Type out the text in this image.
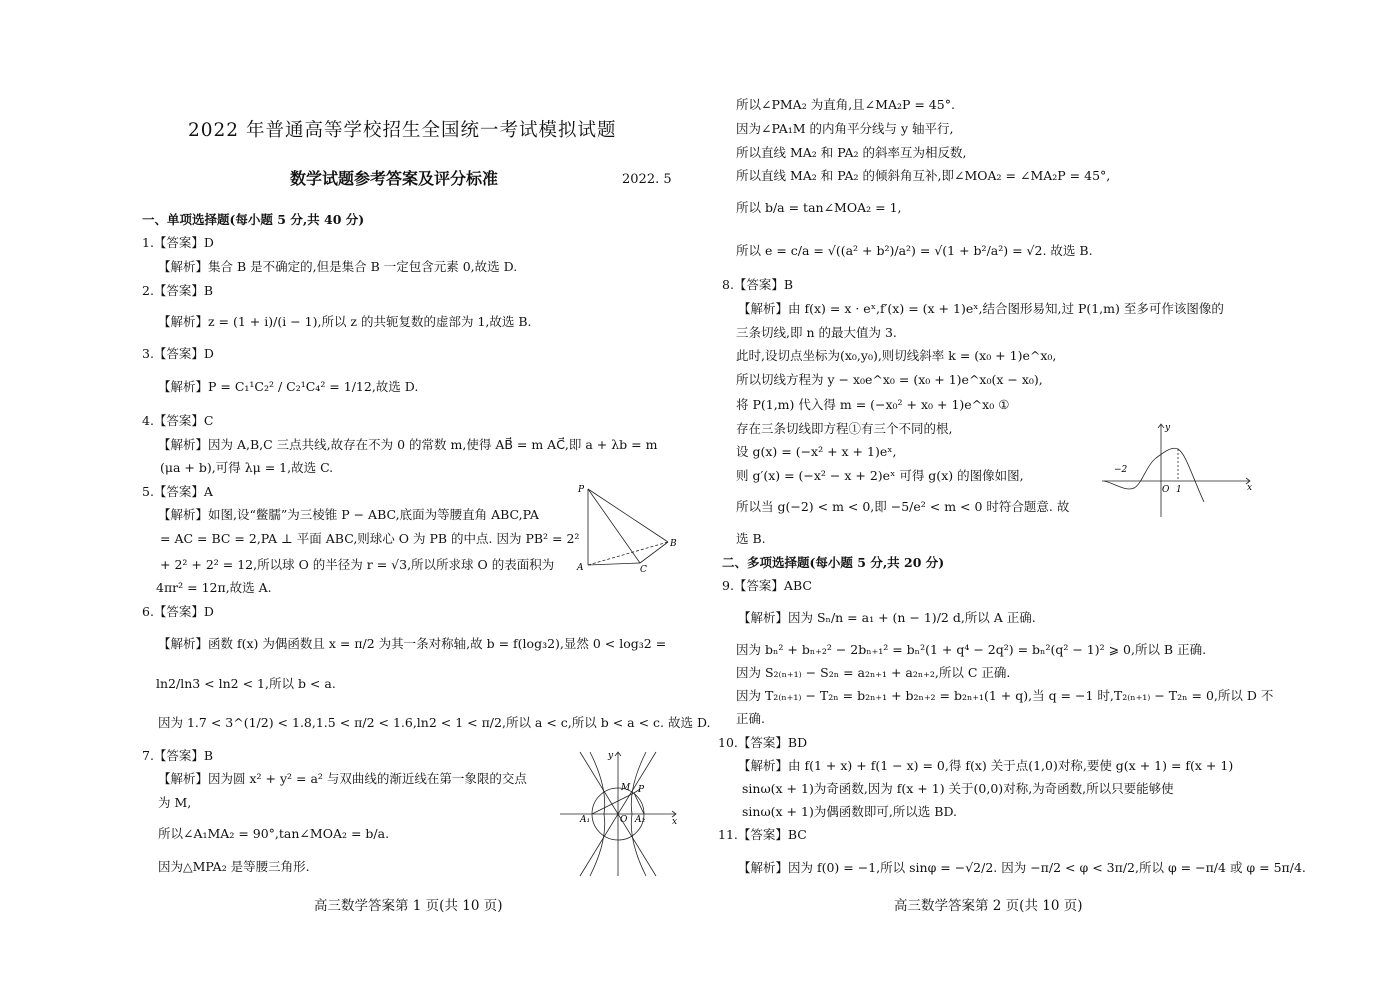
2022 年普通高等学校招生全国统一考试模拟试题
数学试题参考答案及评分标准	2022. 5
一、单项选择题(每小题 5 分,共 40 分)
1.【答案】D
【解析】集合 B 是不确定的,但是集合 B 一定包含元素 0,故选 D.
2.【答案】B
【解析】z = (1 + i)/(i − 1),所以 z 的共轭复数的虚部为 1,故选 B.
3.【答案】D
【解析】P = C₁¹C₂² / C₂¹C₄² = 1/12,故选 D.
4.【答案】C
【解析】因为 A,B,C 三点共线,故存在不为 0 的常数 m,使得 AB⃗ = m AC⃗,即 a + λb = m
(μa + b),可得 λμ = 1,故选 C.
5.【答案】A
【解析】如图,设“鳖臑”为三棱锥 P − ABC,底面为等腰直角 ABC,PA
= AC = BC = 2,PA ⊥ 平面 ABC,则球心 O 为 PB 的中点. 因为 PB² = 2²
+ 2² + 2² = 12,所以球 O 的半径为 r = √3,所以所求球 O 的表面积为
4πr² = 12π,故选 A.
6.【答案】D
【解析】函数 f(x) 为偶函数且 x = π/2 为其一条对称轴,故 b = f(log₃2),显然 0 < log₃2 =
ln2/ln3 < ln2 < 1,所以 b < a.
因为 1.7 < 3^(1/2) < 1.8,1.5 < π/2 < 1.6,ln2 < 1 < π/2,所以 a < c,所以 b < a < c. 故选 D.
7.【答案】B
【解析】因为圆 x² + y² = a² 与双曲线的渐近线在第一象限的交点
为 M,
所以∠A₁MA₂ = 90°,tan∠MOA₂ = b/a.
因为△MPA₂ 是等腰三角形.
高三数学答案第 1 页(共 10 页)
P
A
B
C
y
M P
A₁	O A₂	x
所以∠PMA₂ 为直角,且∠MA₂P = 45°.
因为∠PA₁M 的内角平分线与 y 轴平行,
所以直线 MA₂ 和 PA₂ 的斜率互为相反数,
所以直线 MA₂ 和 PA₂ 的倾斜角互补,即∠MOA₂ = ∠MA₂P = 45°,
所以 b/a = tan∠MOA₂ = 1,
所以 e = c/a = √((a² + b²)/a²) = √(1 + b²/a²) = √2. 故选 B.
8.【答案】B
【解析】由 f(x) = x · eˣ,f′(x) = (x + 1)eˣ,结合图形易知,过 P(1,m) 至多可作该图像的
三条切线,即 n 的最大值为 3.
此时,设切点坐标为(x₀,y₀),则切线斜率 k = (x₀ + 1)e^x₀,
所以切线方程为 y − x₀e^x₀ = (x₀ + 1)e^x₀(x − x₀),
将 P(1,m) 代入得 m = (−x₀² + x₀ + 1)e^x₀ ①
存在三条切线即方程①有三个不同的根,
设 g(x) = (−x² + x + 1)eˣ,
则 g′(x) = (−x² − x + 2)eˣ 可得 g(x) 的图像如图,
所以当 g(−2) < m < 0,即 −5/e² < m < 0 时符合题意. 故
选 B.
二、多项选择题(每小题 5 分,共 20 分)
9.【答案】ABC
【解析】因为 Sₙ/n = a₁ + (n − 1)/2 d,所以 A 正确.
因为 bₙ² + bₙ₊₂² − 2bₙ₊₁² = bₙ²(1 + q⁴ − 2q²) = bₙ²(q² − 1)² ⩾ 0,所以 B 正确.
因为 S₂₍ₙ₊₁₎ − S₂ₙ = a₂ₙ₊₁ + a₂ₙ₊₂,所以 C 正确.
因为 T₂₍ₙ₊₁₎ − T₂ₙ = b₂ₙ₊₁ + b₂ₙ₊₂ = b₂ₙ₊₁(1 + q),当 q = −1 时,T₂₍ₙ₊₁₎ − T₂ₙ = 0,所以 D 不
正确.
10.【答案】BD
【解析】由 f(1 + x) + f(1 − x) = 0,得 f(x) 关于点(1,0)对称,要使 g(x + 1) = f(x + 1)
sinω(x + 1)为奇函数,因为 f(x + 1) 关于(0,0)对称,为奇函数,所以只要能够使
sinω(x + 1)为偶函数即可,所以选 BD.
11.【答案】BC
【解析】因为 f(0) = −1,所以 sinφ = −√2/2. 因为 −π/2 < φ < 3π/2,所以 φ = −π/4 或 φ = 5π/4.
高三数学答案第 2 页(共 10 页)
y
−2
O 1	x
